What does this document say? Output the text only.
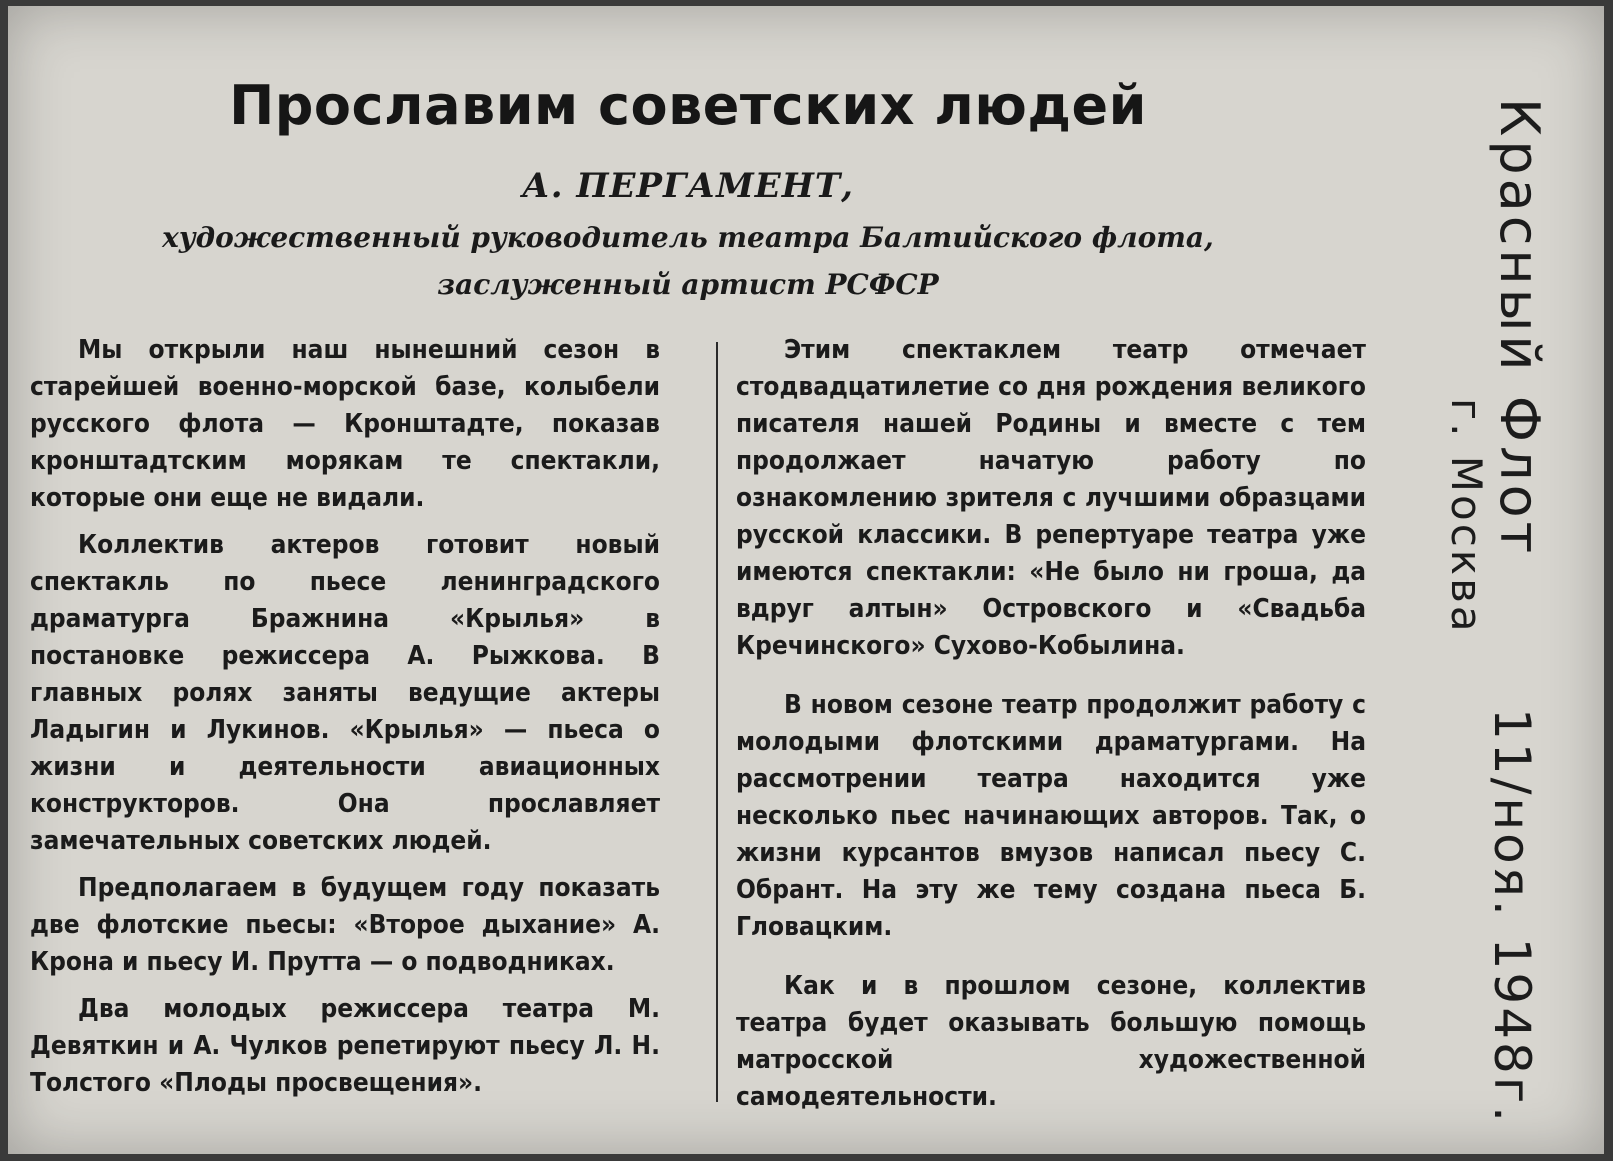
Прославим советских людей
А. ПЕРГАМЕНТ,
художественный руководитель театра Балтийского флота,
заслуженный артист РСФСР

Мы открыли наш нынешний сезон в старейшей военно-морской базе, колыбели русского флота — Кронштадте, показав кронштадтским морякам те спектакли, которые они еще не видали.

Коллектив актеров готовит новый спектакль по пьесе ленинградского драматурга Бражнина «Крылья» в постановке режиссера А. Рыжкова. В главных ролях заняты ведущие актеры Ладыгин и Лукинов. «Крылья» — пьеса о жизни и деятельности авиационных конструкторов. Она прославляет замечательных советских людей.

Предполагаем в будущем году показать две флотские пьесы: «Второе дыхание» А. Крона и пьесу И. Прутта — о подводниках.

Два молодых режиссера театра М. Девяткин и А. Чулков репетируют пьесу Л. Н. Толстого «Плоды просвещения».

Этим спектаклем театр отмечает стодвадцатилетие со дня рождения великого писателя нашей Родины и вместе с тем продолжает начатую работу по ознакомлению зрителя с лучшими образцами русской классики. В репертуаре театра уже имеются спектакли: «Не было ни гроша, да вдруг алтын» Островского и «Свадьба Кречинского» Сухово-Кобылина.

В новом сезоне театр продолжит работу с молодыми флотскими драматургами. На рассмотрении театра находится уже несколько пьес начинающих авторов. Так, о жизни курсантов вмузов написал пьесу С. Обрант. На эту же тему создана пьеса Б. Гловацким.

Как и в прошлом сезоне, коллектив театра будет оказывать большую помощь матросской художественной самодеятельности.

Красный Флот
г. Москва
11/ноя. 1948г.
